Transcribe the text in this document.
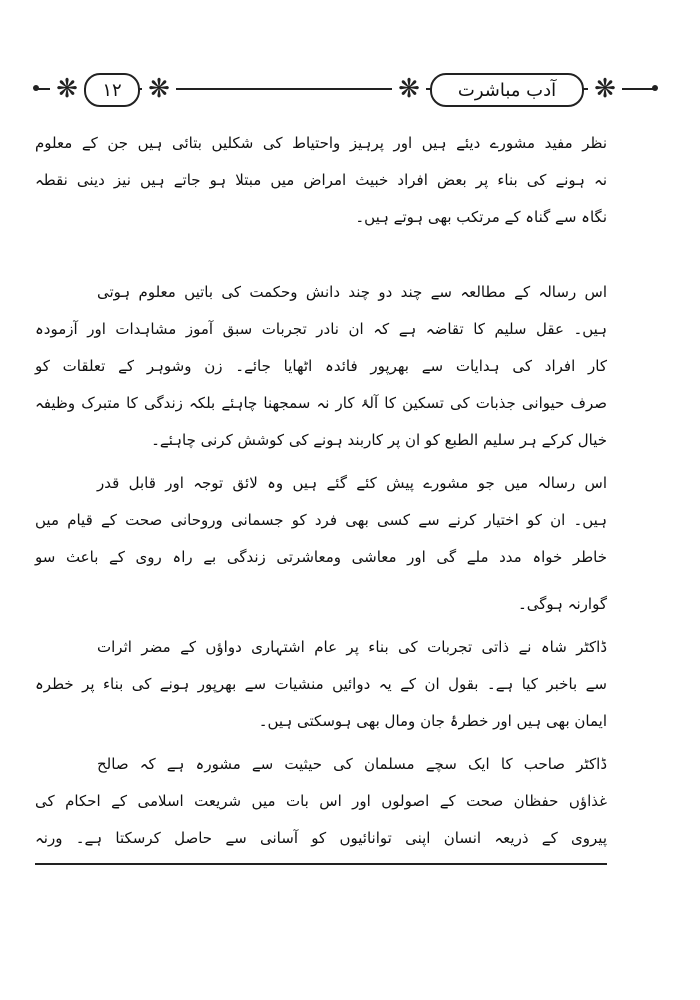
❋	١٢	❋	❋	آدب مباشرت	❋
نظر مفید مشورے دیئے ہیں اور پرہیز واحتیاط کی شکلیں بتائی ہیں جن کے معلوم
نہ ہونے کی بناء پر بعض افراد خبیث امراض میں مبتلا ہو جاتے ہیں نیز دینی نقطہ
نگاہ سے گناہ کے مرتکب بھی ہوتے ہیں۔
اس رسالہ کے مطالعہ سے چند دو چند دانش وحکمت کی باتیں معلوم ہوتی
ہیں۔ عقل سلیم کا تقاضہ ہے کہ ان نادر تجربات سبق آموز مشاہدات اور آزمودہ
کار افراد کی ہدایات سے بھرپور فائدہ اٹھایا جائے۔ زن وشوہر کے تعلقات کو
صرف حیوانی جذبات کی تسکین کا آلۂ کار نہ سمجھنا چاہئے بلکہ زندگی کا متبرک وظیفہ
خیال کرکے ہر سلیم الطبع کو ان پر کاربند ہونے کی کوشش کرنی چاہئے۔
اس رسالہ میں جو مشورے پیش کئے گئے ہیں وہ لائق توجہ اور قابل قدر
ہیں۔ ان کو اختیار کرنے سے کسی بھی فرد کو جسمانی وروحانی صحت کے قیام میں
خاطر خواہ مدد ملے گی اور معاشی ومعاشرتی زندگی بے راہ روی کے باعث سو
گوارنہ ہوگی۔
ڈاکٹر شاہ نے ذاتی تجربات کی بناء پر عام اشتہاری دواؤں کے مضر اثرات
سے باخبر کیا ہے۔ بقول ان کے یہ دوائیں منشیات سے بھرپور ہونے کی بناء پر خطرہ
ایمان بھی ہیں اور خطرۂ جان ومال بھی ہوسکتی ہیں۔
ڈاکٹر صاحب کا ایک سچے مسلمان کی حیثیت سے مشورہ ہے کہ صالح
غذاؤں حفظان صحت کے اصولوں اور اس بات میں شریعت اسلامی کے احکام کی
پیروی کے ذریعہ انسان اپنی توانائیوں کو آسانی سے حاصل کرسکتا ہے۔ ورنہ
